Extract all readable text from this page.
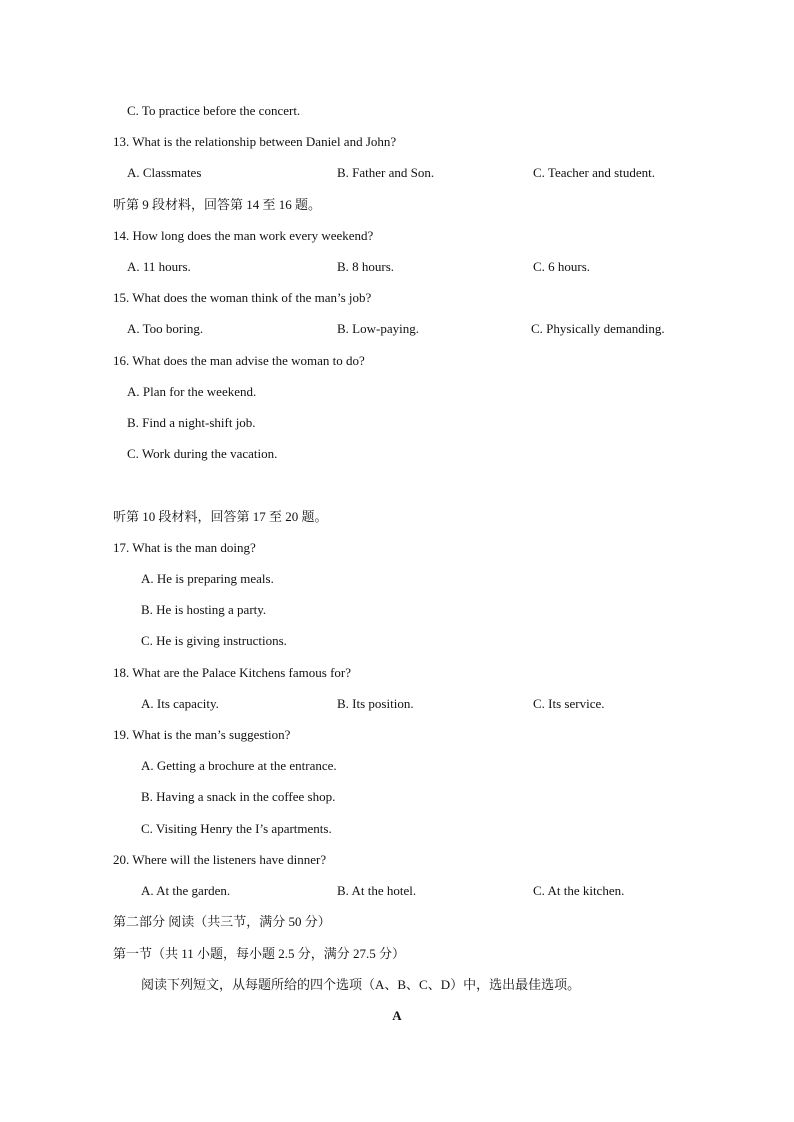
C. To practice before the concert.
13. What is the relationship between Daniel and John?
A. Classmates	B. Father and Son.	C. Teacher and student.
听第 9 段材料，回答第 14 至 16 题。
14. How long does the man work every weekend?
A. 11 hours.	B. 8 hours.	C. 6 hours.
15. What does the woman think of the man’s job?
A. Too boring.	B. Low-paying.	C. Physically demanding.
16. What does the man advise the woman to do?
A. Plan for the weekend.
B. Find a night-shift job.
C. Work during the vacation.
听第 10 段材料，回答第 17 至 20 题。
17. What is the man doing?
A. He is preparing meals.
B. He is hosting a party.
C. He is giving instructions.
18. What are the Palace Kitchens famous for?
A. Its capacity.	B. Its position.	C. Its service.
19. What is the man’s suggestion?
A. Getting a brochure at the entrance.
B. Having a snack in the coffee shop.
C. Visiting Henry the I’s apartments.
20. Where will the listeners have dinner?
A. At the garden.	B. At the hotel.	C. At the kitchen.
第二部分 阅读（共三节，满分 50 分）
第一节（共 11 小题，每小题 2.5 分，满分 27.5 分）
阅读下列短文，从每题所给的四个选项（A、B、C、D）中，选出最佳选项。
A
